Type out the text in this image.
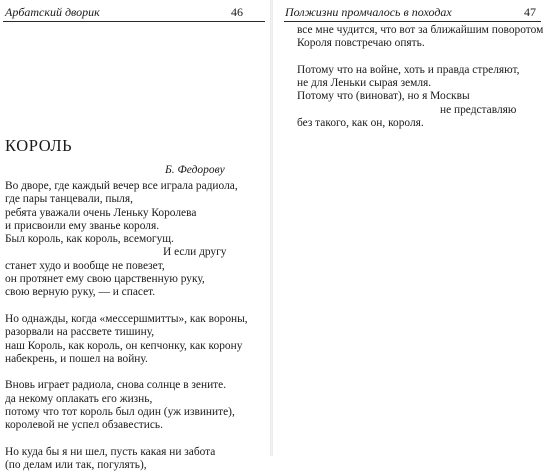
Арбатский дворик	46
КОРОЛЬ
Б. Федорову
Во дворе, где каждый вечер все играла радиола,
где пары танцевали, пыля,
ребята уважали очень Леньку Королева
и присвоили ему званье короля.
Был король, как король, всемогущ.
И если другу
станет худо и вообще не повезет,
он протянет ему свою царственную руку,
свою верную руку, — и спасет.
Но однажды, когда «мессершмитты», как вороны,
разорвали на рассвете тишину,
наш Король, как король, он кепчонку, как корону
набекрень, и пошел на войну.
Вновь играет радиола, снова солнце в зените.
да некому оплакать его жизнь,
потому что тот король был один (уж извините),
королевой не успел обзавестись.
Но куда бы я ни шел, пусть какая ни забота
(по делам или так, погулять),
Полжизни промчалось в походах	47
все мне чудится, что вот за ближайшим поворотом
Короля повстречаю опять.
Потому что на войне, хоть и правда стреляют,
не для Леньки сырая земля.
Потому что (виноват), но я Москвы
не представляю
без такого, как он, короля.
